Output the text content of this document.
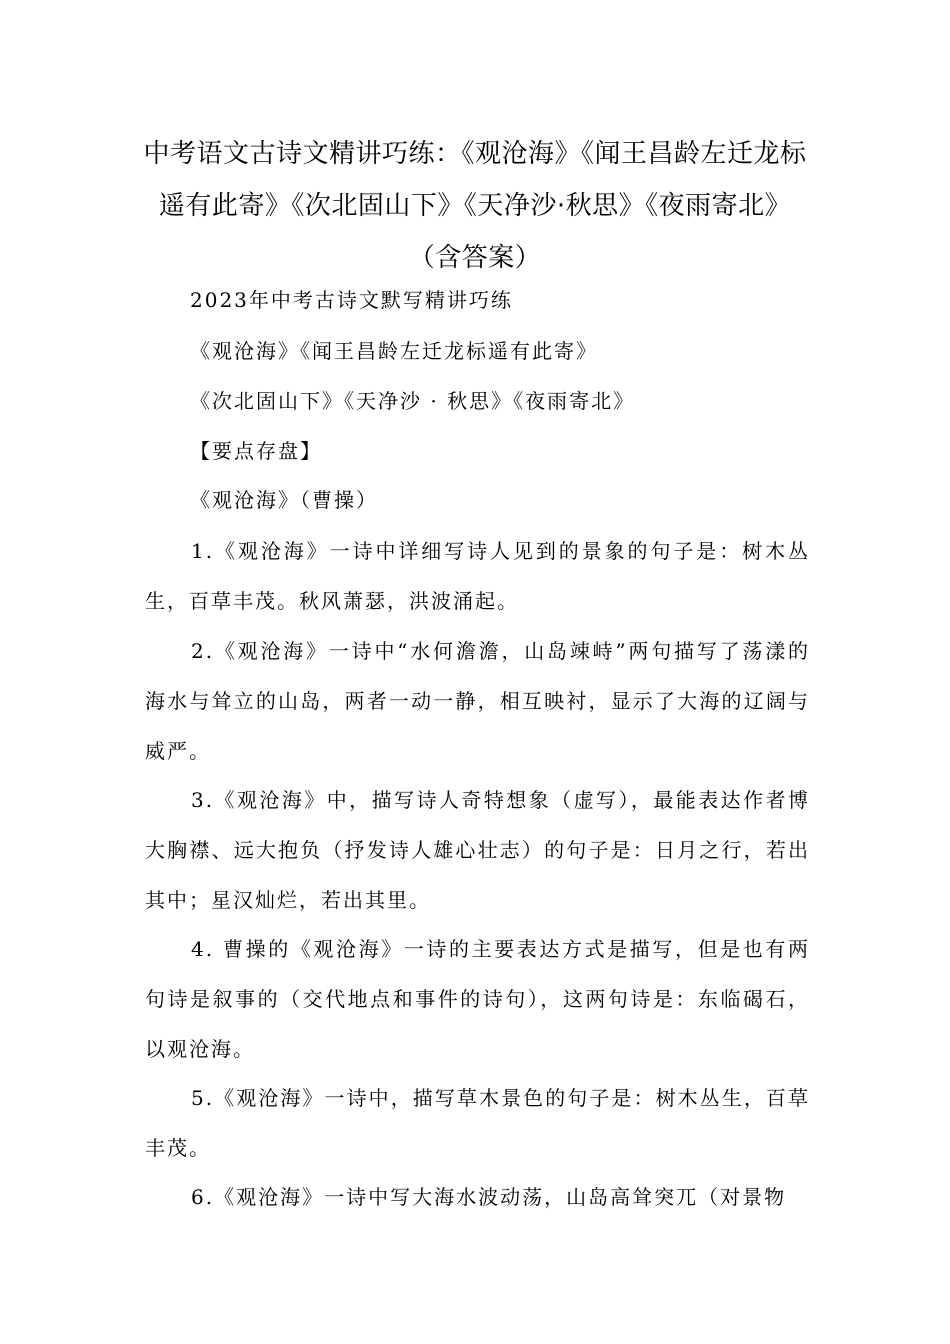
中考语文古诗文精讲巧练：《观沧海》《闻王昌龄左迁龙标遥有此寄》《次北固山下》《天净沙·秋思》《夜雨寄北》（含答案）

2023年中考古诗文默写精讲巧练

《观沧海》《闻王昌龄左迁龙标遥有此寄》

《次北固山下》《天净沙 · 秋思》《夜雨寄北》

【要点存盘】

《观沧海》（曹操）

1.《观沧海》一诗中详细写诗人见到的景象的句子是：树木丛生，百草丰茂。秋风萧瑟，洪波涌起。

2.《观沧海》一诗中“水何澹澹，山岛竦峙”两句描写了荡漾的海水与耸立的山岛，两者一动一静，相互映衬，显示了大海的辽阔与威严。

3.《观沧海》中，描写诗人奇特想象（虚写），最能表达作者博大胸襟、远大抱负（抒发诗人雄心壮志）的句子是：日月之行，若出其中；星汉灿烂，若出其里。

4. 曹操的《观沧海》一诗的主要表达方式是描写，但是也有两句诗是叙事的（交代地点和事件的诗句），这两句诗是：东临碣石，以观沧海。

5.《观沧海》一诗中，描写草木景色的句子是：树木丛生，百草丰茂。

6.《观沧海》一诗中写大海水波动荡，山岛高耸突兀（对景物
